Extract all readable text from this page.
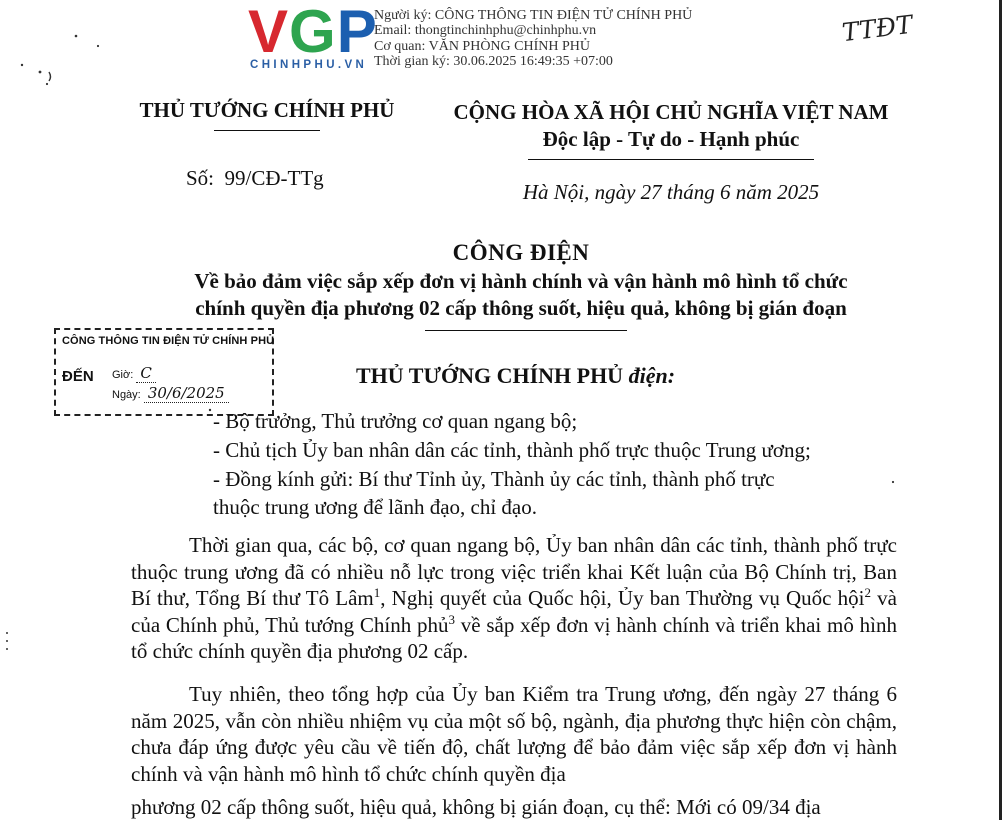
VGP
CHINHPHU.VN
Người ký: CÔNG THÔNG TIN ĐIỆN TỬ CHÍNH PHỦ
Email: thongtinchinhphu@chinhphu.vn
Cơ quan: VĂN PHÒNG CHÍNH PHỦ
Thời gian ký: 30.06.2025 16:49:35 +07:00
TTĐT
THỦ TƯỚNG CHÍNH PHỦ
Số:  99/CĐ-TTg
CỘNG HÒA XÃ HỘI CHỦ NGHĨA VIỆT NAM
Độc lập - Tự do - Hạnh phúc
Hà Nội, ngày 27 tháng 6 năm 2025
CÔNG ĐIỆN
Về bảo đảm việc sắp xếp đơn vị hành chính và vận hành mô hình tổ chức
chính quyền địa phương 02 cấp thông suốt, hiệu quả, không bị gián đoạn
CÔNG THÔNG TIN ĐIỆN TỬ CHÍNH PHỦ
ĐẾN Giờ: C
Ngày: 30/6/2025
THỦ TƯỚNG CHÍNH PHỦ điện:
- Bộ trưởng, Thủ trưởng cơ quan ngang bộ;
- Chủ tịch Ủy ban nhân dân các tỉnh, thành phố trực thuộc Trung ương;
- Đồng kính gửi: Bí thư Tỉnh ủy, Thành ủy các tỉnh, thành phố trực
thuộc trung ương để lãnh đạo, chỉ đạo.

Thời gian qua, các bộ, cơ quan ngang bộ, Ủy ban nhân dân các tỉnh, thành phố trực thuộc trung ương đã có nhiều nỗ lực trong việc triển khai Kết luận của Bộ Chính trị, Ban Bí thư, Tổng Bí thư Tô Lâm$^1$, Nghị quyết của Quốc hội, Ủy ban Thường vụ Quốc hội$^2$ và của Chính phủ, Thủ tướng Chính phủ$^3$ về sắp xếp đơn vị hành chính và triển khai mô hình tổ chức chính quyền địa phương 02 cấp.

Tuy nhiên, theo tổng hợp của Ủy ban Kiểm tra Trung ương, đến ngày 27 tháng 6 năm 2025, vẫn còn nhiều nhiệm vụ của một số bộ, ngành, địa phương thực hiện còn chậm, chưa đáp ứng được yêu cầu về tiến độ, chất lượng để bảo đảm việc sắp xếp đơn vị hành chính và vận hành mô hình tổ chức chính quyền địa

phương 02 cấp thông suốt, hiệu quả, không bị gián đoạn, cụ thể: Mới có 09/34 địa
